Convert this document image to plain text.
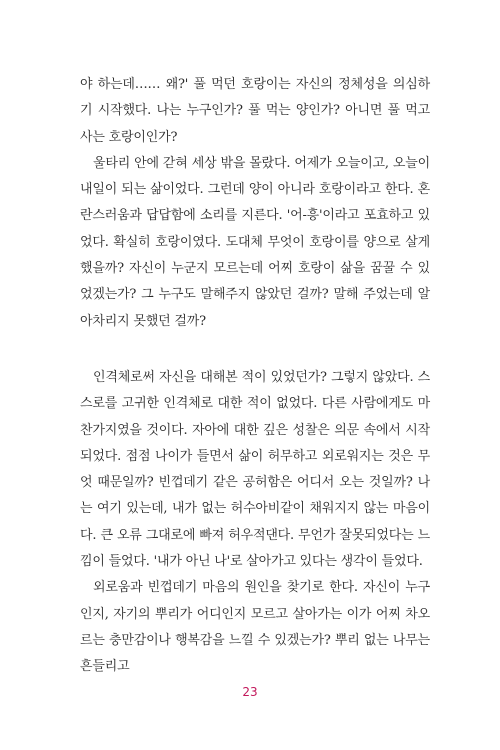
야 하는데…… 왜?' 풀 먹던 호랑이는 자신의 정체성을 의심하기 시작했다. 나는 누구인가? 풀 먹는 양인가? 아니면 풀 먹고 사는 호랑이인가?

울타리 안에 갇혀 세상 밖을 몰랐다. 어제가 오늘이고, 오늘이 내일이 되는 삶이었다. 그런데 양이 아니라 호랑이라고 한다. 혼란스러움과 답답함에 소리를 지른다. '어-흥'이라고 포효하고 있었다. 확실히 호랑이였다. 도대체 무엇이 호랑이를 양으로 살게 했을까? 자신이 누군지 모르는데 어찌 호랑이 삶을 꿈꿀 수 있었겠는가? 그 누구도 말해주지 않았던 걸까? 말해 주었는데 알아차리지 못했던 걸까?

인격체로써 자신을 대해본 적이 있었던가? 그렇지 않았다. 스스로를 고귀한 인격체로 대한 적이 없었다. 다른 사람에게도 마찬가지였을 것이다. 자아에 대한 깊은 성찰은 의문 속에서 시작되었다. 점점 나이가 들면서 삶이 허무하고 외로워지는 것은 무엇 때문일까? 빈껍데기 같은 공허함은 어디서 오는 것일까? 나는 여기 있는데, 내가 없는 허수아비같이 채워지지 않는 마음이다. 큰 오류 그대로에 빠져 허우적댄다. 무언가 잘못되었다는 느낌이 들었다. '내가 아닌 나'로 살아가고 있다는 생각이 들었다.

외로움과 빈껍데기 마음의 원인을 찾기로 한다. 자신이 누구인지, 자기의 뿌리가 어디인지 모르고 살아가는 이가 어찌 차오르는 충만감이나 행복감을 느낄 수 있겠는가? 뿌리 없는 나무는 흔들리고

23
